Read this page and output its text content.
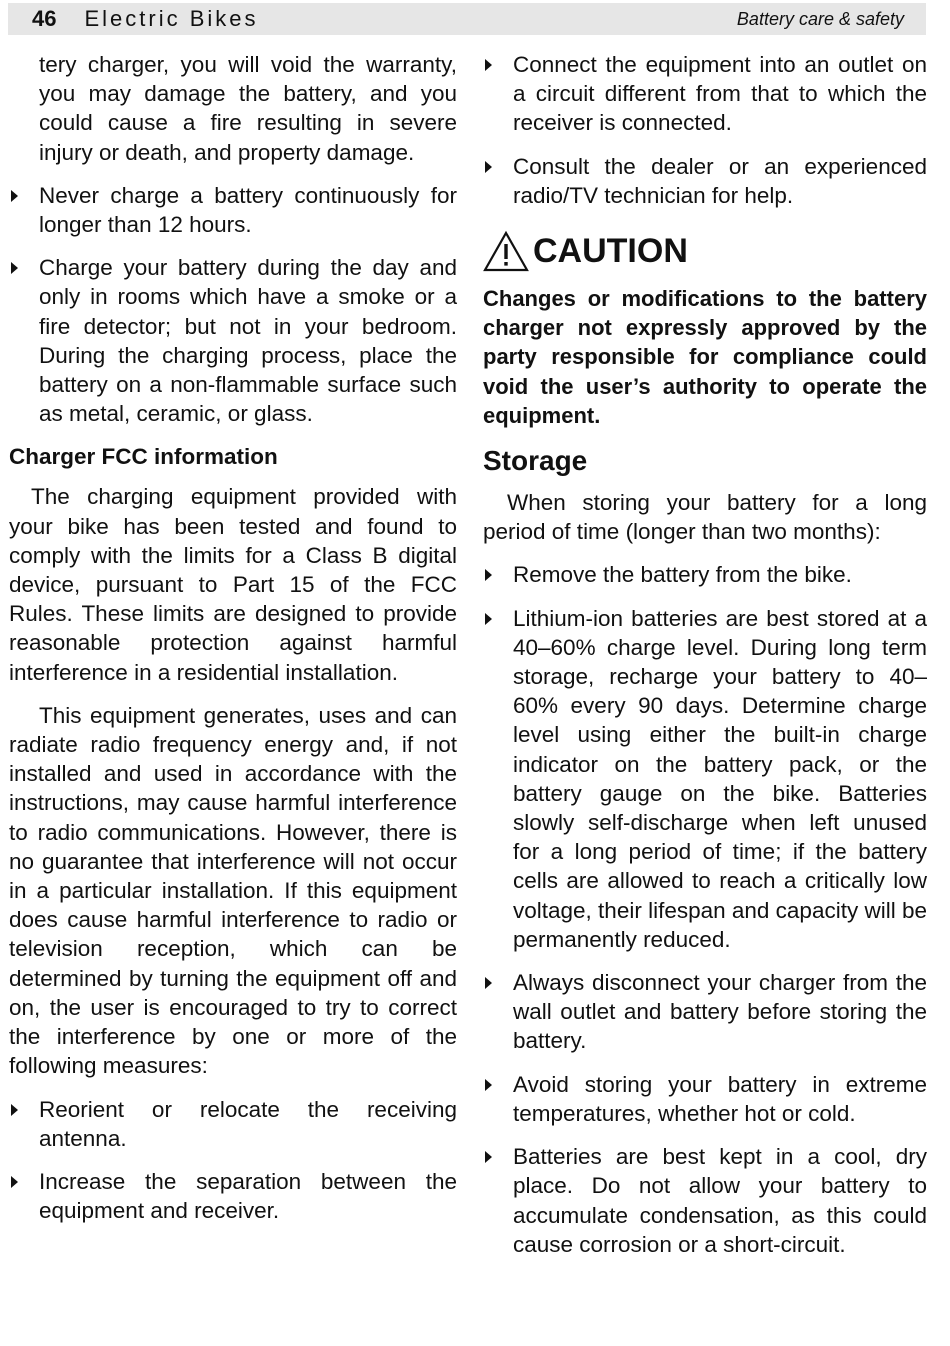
46 Electric Bikes	Battery care & safety

tery charger, you will void the warranty, you may damage the battery, and you could cause a fire resulting in severe injury or death, and property damage.

Never charge a battery continuously for longer than 12 hours.

Charge your battery during the day and only in rooms which have a smoke or a fire detector; but not in your bedroom. During the charging process, place the battery on a non-flammable surface such as metal, ceramic, or glass.

Charger FCC information

The charging equipment provided with your bike has been tested and found to comply with the limits for a Class B digital device, pursuant to Part 15 of the FCC Rules. These limits are designed to provide reasonable protection against harmful interference in a residential installation.

This equipment generates, uses and can radiate radio frequency energy and, if not installed and used in accordance with the instructions, may cause harmful interference to radio communications. However, there is no guarantee that interference will not occur in a particular installation. If this equipment does cause harmful interference to radio or television reception, which can be determined by turning the equipment off and on, the user is encouraged to try to correct the interference by one or more of the following measures:

Reorient or relocate the receiving antenna.

Increase the separation between the equipment and receiver.

Connect the equipment into an outlet on a circuit different from that to which the receiver is connected.

Consult the dealer or an experienced radio/TV technician for help.

CAUTION

Changes or modifications to the battery charger not expressly approved by the party responsible for compliance could void the user’s authority to operate the equipment.

Storage

When storing your battery for a long period of time (longer than two months):

Remove the battery from the bike.

Lithium-ion batteries are best stored at a 40–60% charge level. During long term storage, recharge your battery to 40–60% every 90 days. Determine charge level using either the built-in charge indicator on the battery pack, or the battery gauge on the bike. Batteries slowly self-discharge when left unused for a long period of time; if the battery cells are allowed to reach a critically low voltage, their lifespan and capacity will be permanently reduced.

Always disconnect your charger from the wall outlet and battery before storing the battery.

Avoid storing your battery in extreme temperatures, whether hot or cold.

Batteries are best kept in a cool, dry place. Do not allow your battery to accumulate condensation, as this could cause corrosion or a short-circuit.
